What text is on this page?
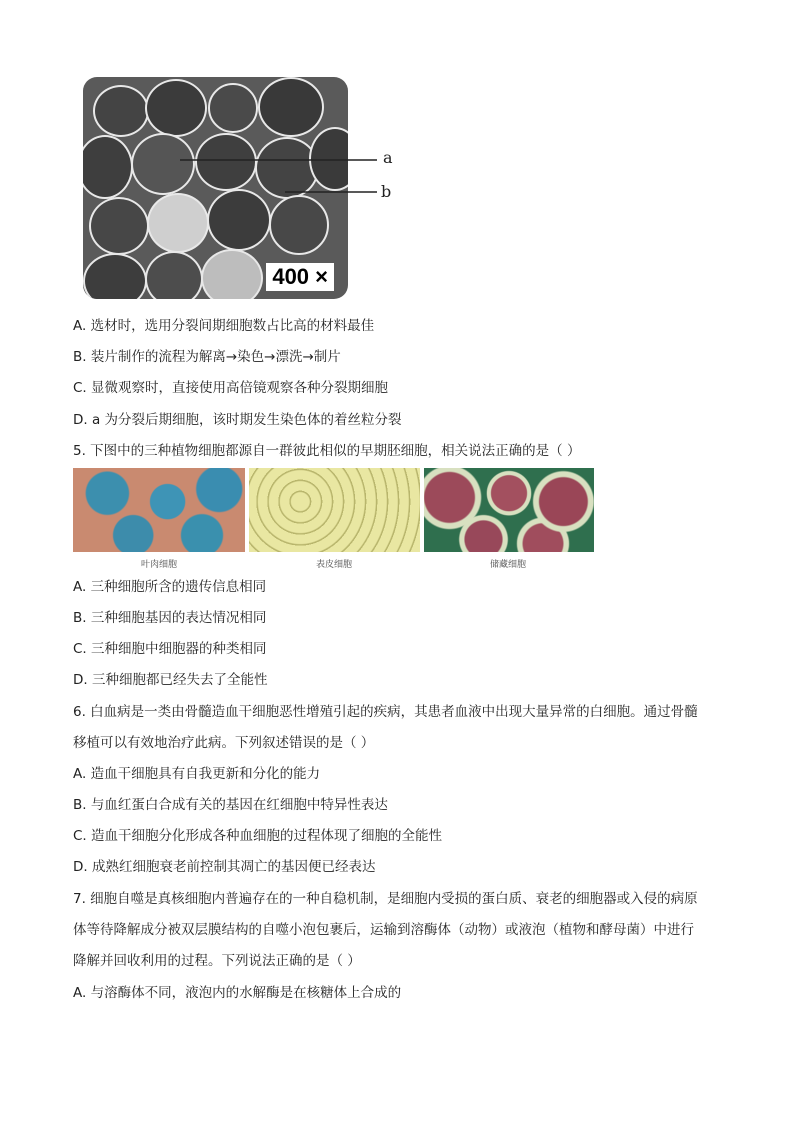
400 ×
a
b
A. 选材时，选用分裂间期细胞数占比高的材料最佳
B. 装片制作的流程为解离→染色→漂洗→制片
C. 显微观察时，直接使用高倍镜观察各种分裂期细胞
D. a 为分裂后期细胞，该时期发生染色体的着丝粒分裂
5. 下图中的三种植物细胞都源自一群彼此相似的早期胚细胞，相关说法正确的是（ ）
叶肉细胞	表皮细胞	储藏细胞
A. 三种细胞所含的遗传信息相同
B. 三种细胞基因的表达情况相同
C. 三种细胞中细胞器的种类相同
D. 三种细胞都已经失去了全能性
6. 白血病是一类由骨髓造血干细胞恶性增殖引起的疾病，其患者血液中出现大量异常的白细胞。通过骨髓
移植可以有效地治疗此病。下列叙述错误的是（ ）
A. 造血干细胞具有自我更新和分化的能力
B. 与血红蛋白合成有关的基因在红细胞中特异性表达
C. 造血干细胞分化形成各种血细胞的过程体现了细胞的全能性
D. 成熟红细胞衰老前控制其凋亡的基因便已经表达
7. 细胞自噬是真核细胞内普遍存在的一种自稳机制，是细胞内受损的蛋白质、衰老的细胞器或入侵的病原
体等待降解成分被双层膜结构的自噬小泡包裹后，运输到溶酶体（动物）或液泡（植物和酵母菌）中进行
降解并回收利用的过程。下列说法正确的是（ ）
A. 与溶酶体不同，液泡内的水解酶是在核糖体上合成的
